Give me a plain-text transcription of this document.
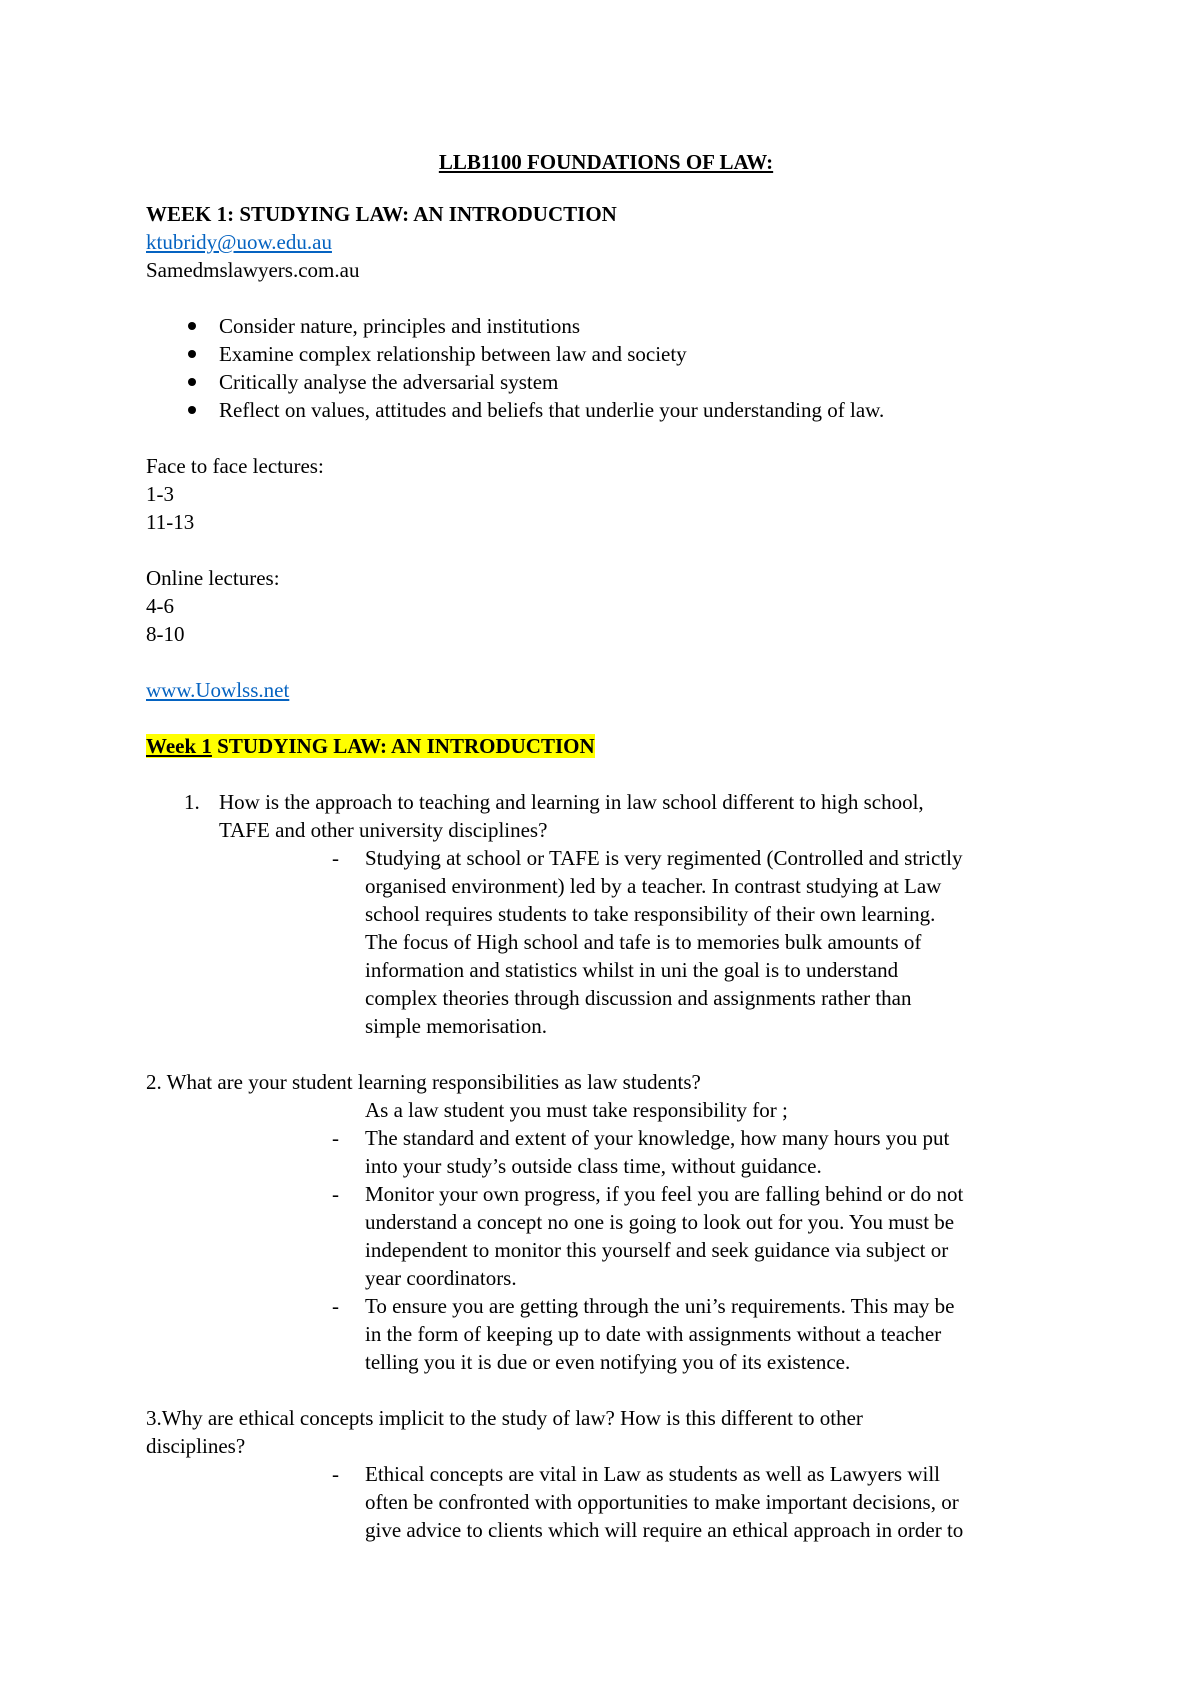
LLB1100 FOUNDATIONS OF LAW:

WEEK 1: STUDYING LAW: AN INTRODUCTION

ktubridy@uow.edu.au

Samedmslawyers.com.au

Consider nature, principles and institutions
Examine complex relationship between law and society
Critically analyse the adversarial system
Reflect on values, attitudes and beliefs that underlie your understanding of law.

Face to face lectures:

1-3

11-13

Online lectures:

4-6

8-10

www.Uowlss.net

Week 1 STUDYING LAW: AN INTRODUCTION

1. How is the approach to teaching and learning in law school different to high school,

TAFE and other university disciplines?

- Studying at school or TAFE is very regimented (Controlled and strictly

organised environment) led by a teacher. In contrast studying at Law

school requires students to take responsibility of their own learning.

The focus of High school and tafe is to memories bulk amounts of

information and statistics whilst in uni the goal is to understand

complex theories through discussion and assignments rather than

simple memorisation.

2. What are your student learning responsibilities as law students?

As a law student you must take responsibility for ;

- The standard and extent of your knowledge, how many hours you put

into your study’s outside class time, without guidance.

- Monitor your own progress, if you feel you are falling behind or do not

understand a concept no one is going to look out for you. You must be

independent to monitor this yourself and seek guidance via subject or

year coordinators.

- To ensure you are getting through the uni’s requirements. This may be

in the form of keeping up to date with assignments without a teacher

telling you it is due or even notifying you of its existence.

3.Why are ethical concepts implicit to the study of law? How is this different to other

disciplines?

- Ethical concepts are vital in Law as students as well as Lawyers will

often be confronted with opportunities to make important decisions, or

give advice to clients which will require an ethical approach in order to
